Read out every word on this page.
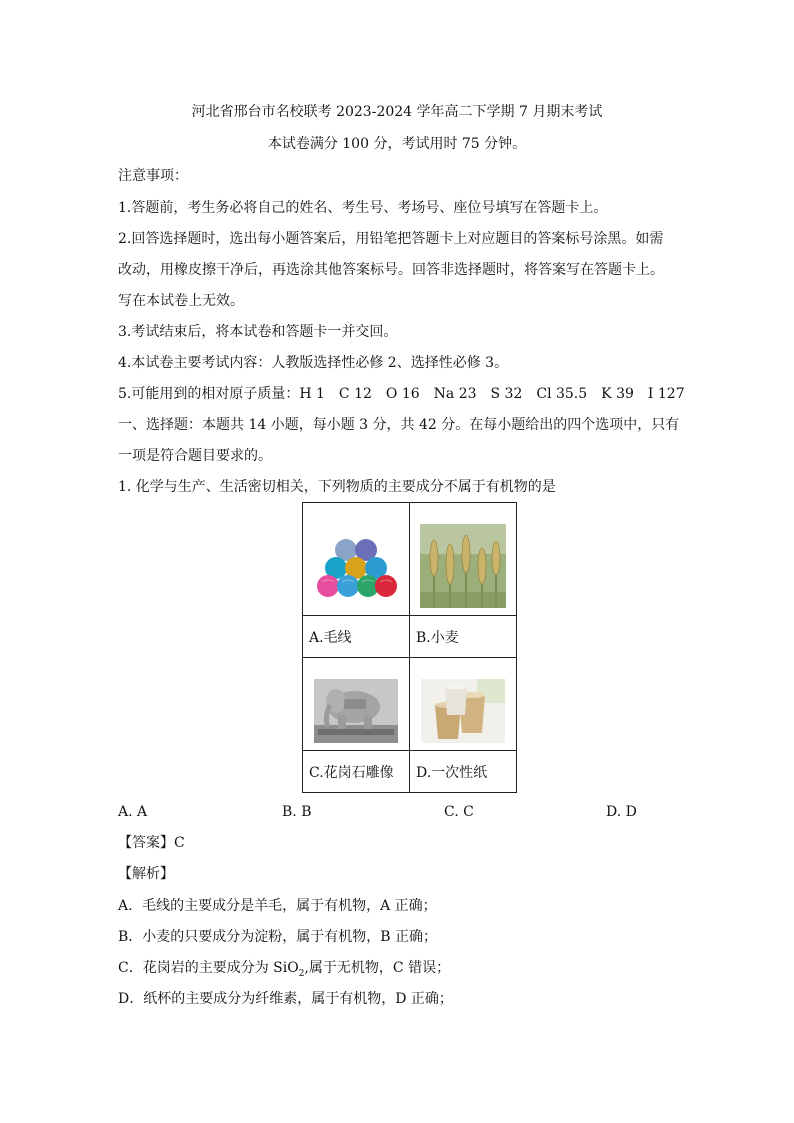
河北省邢台市名校联考 2023-2024 学年高二下学期 7 月期末考试
本试卷满分 100 分，考试用时 75 分钟。
注意事项：
1.答题前，考生务必将自己的姓名、考生号、考场号、座位号填写在答题卡上。
2.回答选择题时，选出每小题答案后，用铅笔把答题卡上对应题目的答案标号涂黑。如需
改动，用橡皮擦干净后，再选涂其他答案标号。回答非选择题时，将答案写在答题卡上。
写在本试卷上无效。
3.考试结束后，将本试卷和答题卡一并交回。
4.本试卷主要考试内容：人教版选择性必修 2、选择性必修 3。
5.可能用到的相对原子质量：H 1　C 12　O 16　Na 23　S 32　Cl 35.5　K 39　I 127
一、选择题：本题共 14 小题，每小题 3 分，共 42 分。在每小题给出的四个选项中，只有
一项是符合题目要求的。
1. 化学与生产、生活密切相关，下列物质的主要成分不属于有机物的是

A.毛线	B.小麦

C.花岗石雕像	D.一次性纸
A. A	B. B	C. C	D. D
【答案】C
【解析】
A．毛线的主要成分是羊毛，属于有机物，A 正确；
B．小麦的只要成分为淀粉，属于有机物，B 正确；
C．花岗岩的主要成分为 SiO$_2$,属于无机物，C 错误；
D．纸杯的主要成分为纤维素，属于有机物，D 正确；
